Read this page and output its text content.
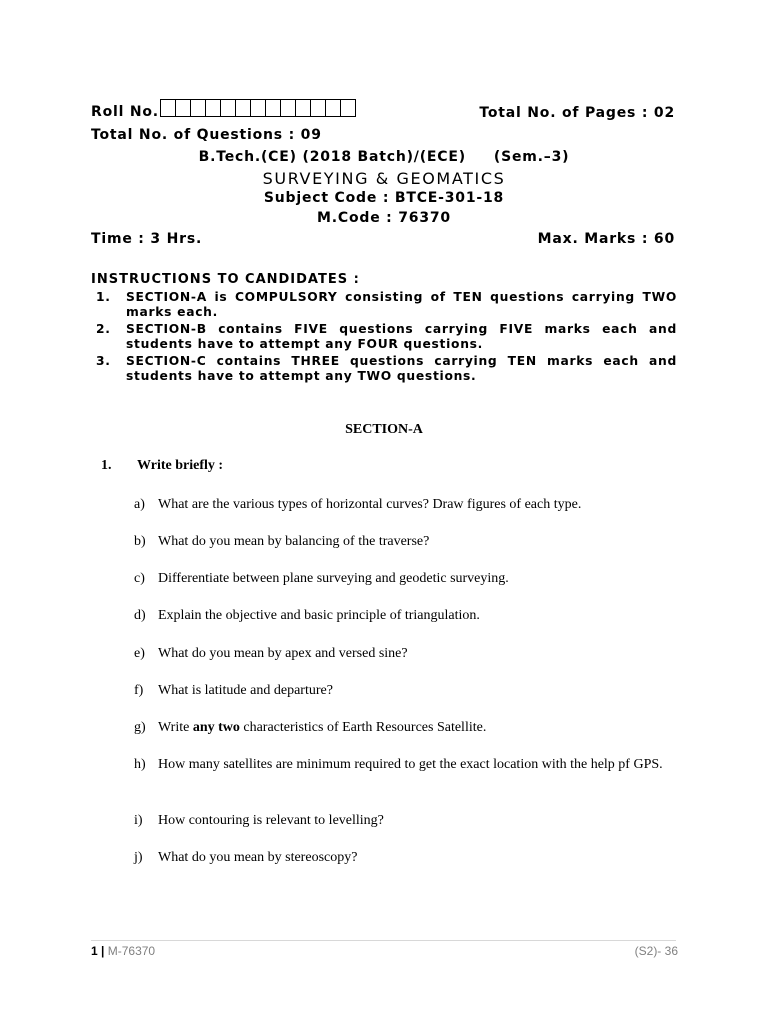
Roll No.	Total No. of Pages : 02
Total No. of Questions : 09
B.Tech.(CE) (2018 Batch)/(ECE) (Sem.–3)
SURVEYING & GEOMATICS
Subject Code : BTCE-301-18
M.Code : 76370
Time : 3 Hrs.	Max. Marks : 60
INSTRUCTIONS TO CANDIDATES :
1. SECTION-A is COMPULSORY consisting of TEN questions carrying TWO marks each.
2. SECTION-B contains FIVE questions carrying FIVE marks each and students have to attempt any FOUR questions.
3. SECTION-C contains THREE questions carrying TEN marks each and students have to attempt any TWO questions.
SECTION-A
1. Write briefly :
a) What are the various types of horizontal curves? Draw figures of each type.
b) What do you mean by balancing of the traverse?
c) Differentiate between plane surveying and geodetic surveying.
d) Explain the objective and basic principle of triangulation.
e) What do you mean by apex and versed sine?
f) What is latitude and departure?
g) Write any two characteristics of Earth Resources Satellite.
h) How many satellites are minimum required to get the exact location with the help pf GPS.
i) How contouring is relevant to levelling?
j) What do you mean by stereoscopy?
1 | M-76370	(S2)- 36
